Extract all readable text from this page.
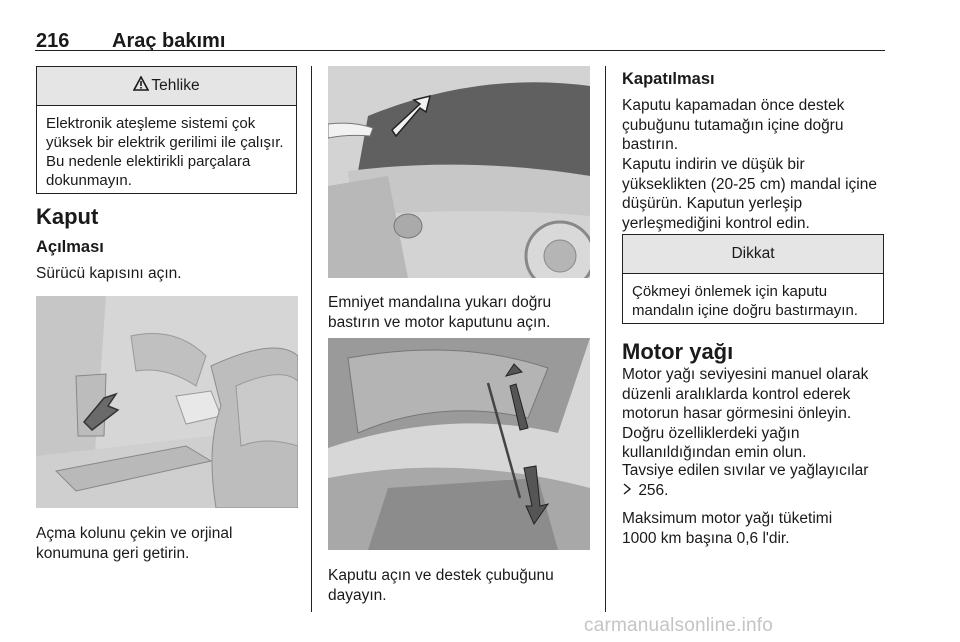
216 Araç bakımı
Tehlike
Elektronik ateşleme sistemi çok yüksek bir elektrik gerilimi ile çalışır. Bu nedenle elektirikli parçalara dokunmayın.
Kaput
Açılması
Sürücü kapısını açın.
Açma kolunu çekin ve orjinal konumuna geri getirin.
Emniyet mandalına yukarı doğru bastırın ve motor kaputunu açın.
Kaputu açın ve destek çubuğunu dayayın.
Kapatılması
Kaputu kapamadan önce destek çubuğunu tutamağın içine doğru bastırın.
Kaputu indirin ve düşük bir yükseklikten (20-25 cm) mandal içine düşürün. Kaputun yerleşip yerleşmediğini kontrol edin.
Dikkat
Çökmeyi önlemek için kaputu mandalın içine doğru bastırmayın.
Motor yağı
Motor yağı seviyesini manuel olarak düzenli aralıklarda kontrol ederek motorun hasar görmesini önleyin. Doğru özelliklerdeki yağın kullanıldığından emin olun.
Tavsiye edilen sıvılar ve yağlayıcılar
256.
Maksimum motor yağı tüketimi 1000 km başına 0,6 l'dir.
carmanualsonline.info
